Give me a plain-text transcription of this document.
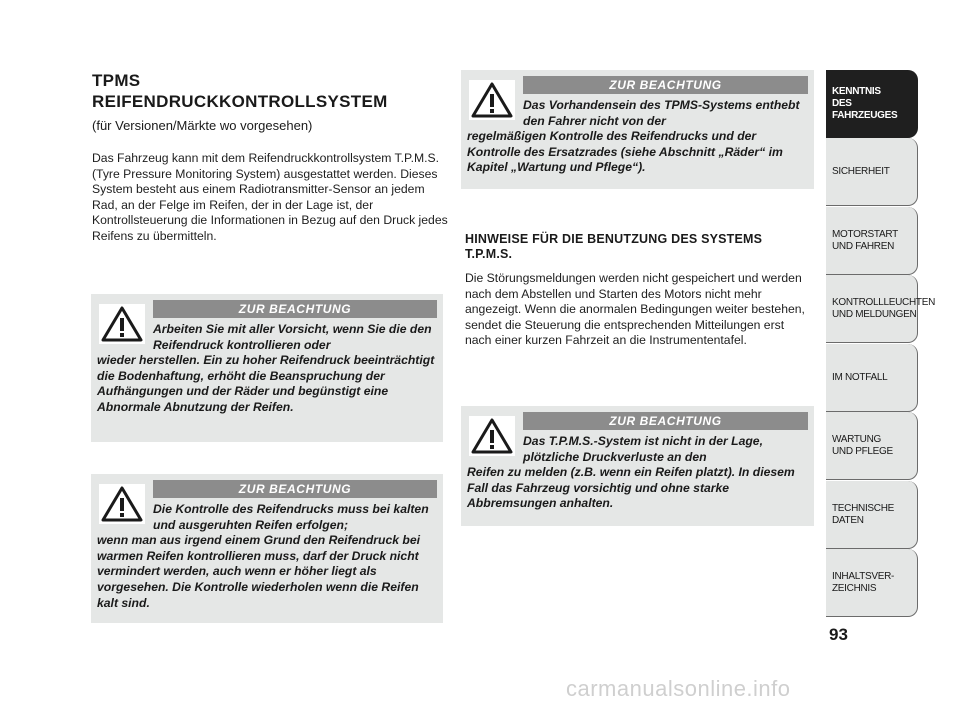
TPMS
REIFENDRUCKKONTROLLSYSTEM
(für Versionen/Märkte wo vorgesehen)
Das Fahrzeug kann mit dem Reifendruckkontrollsystem T.P.M.S. (Tyre Pressure Monitoring System) ausgestattet werden. Dieses System besteht aus einem Radiotransmitter-Sensor an jedem Rad, an der Felge im Reifen, der in der Lage ist, der Kontrollsteuerung die Informationen in Bezug auf den Druck jedes Reifens zu übermitteln.
ZUR BEACHTUNG
Arbeiten Sie mit aller Vorsicht, wenn Sie die den Reifendruck kontrollieren oder
wieder herstellen. Ein zu hoher Reifendruck beeinträchtigt die Bodenhaftung, erhöht die Beanspruchung der Aufhängungen und der Räder und begünstigt eine Abnormale Abnutzung der Reifen.
ZUR BEACHTUNG
Die Kontrolle des Reifendrucks muss bei kalten und ausgeruhten Reifen erfolgen;
wenn man aus irgend einem Grund den Reifendruck bei warmen Reifen kontrollieren muss, darf der Druck nicht vermindert werden, auch wenn er höher liegt als vorgesehen. Die Kontrolle wiederholen wenn die Reifen kalt sind.
ZUR BEACHTUNG
Das Vorhandensein des TPMS-Systems enthebt den Fahrer nicht von der
regelmäßigen Kontrolle des Reifendrucks und der Kontrolle des Ersatzrades (siehe Abschnitt „Räder“ im Kapitel „Wartung und Pflege“).
HINWEISE FÜR DIE BENUTZUNG DES SYSTEMS T.P.M.S.
Die Störungsmeldungen werden nicht gespeichert und werden nach dem Abstellen und Starten des Motors nicht mehr angezeigt. Wenn die anormalen Bedingungen weiter bestehen, sendet die Steuerung die entsprechenden Mitteilungen erst nach einer kurzen Fahrzeit an die Instrumententafel.
ZUR BEACHTUNG
Das T.P.M.S.-System ist nicht in der Lage, plötzliche Druckverluste an den
Reifen zu melden (z.B. wenn ein Reifen platzt). In diesem Fall das Fahrzeug vorsichtig und ohne starke Abbremsungen anhalten.
KENNTNIS
DES FAHRZEUGES
SICHERHEIT
MOTORSTART
UND FAHREN
KONTROLLLEUCHTEN
UND MELDUNGEN
IM NOTFALL
WARTUNG
UND PFLEGE
TECHNISCHE
DATEN
INHALTSVER-
ZEICHNIS
93
carmanualsonline.info
